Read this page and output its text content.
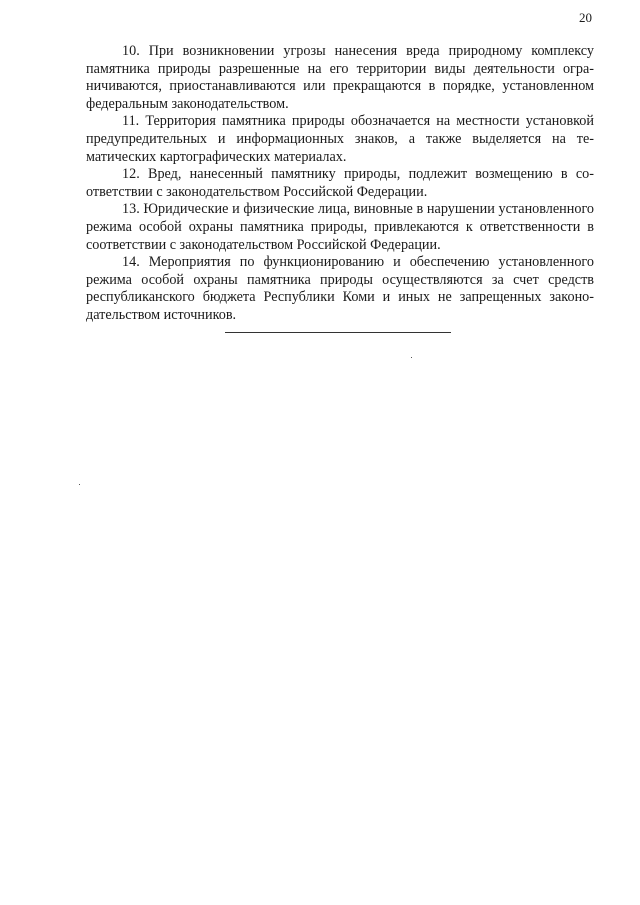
20

10. При возникновении угрозы нанесения вреда природному комплексу памятника природы разрешенные на его территории виды деятельности ограничиваются, приостанавливаются или прекращаются в порядке, установленном федеральным законодательством.

11. Территория памятника природы обозначается на местности установкой предупредительных и информационных знаков, а также выделяется на тематических картографических материалах.

12. Вред, нанесенный памятнику природы, подлежит возмещению в соответствии с законодательством Российской Федерации.

13. Юридические и физические лица, виновные в нарушении установленного режима особой охраны памятника природы, привлекаются к ответственности в соответствии с законодательством Российской Федерации.

14. Мероприятия по функционированию и обеспечению установленного режима особой охраны памятника природы осуществляются за счет средств республиканского бюджета Республики Коми и иных не запрещенных законодательством источников.
